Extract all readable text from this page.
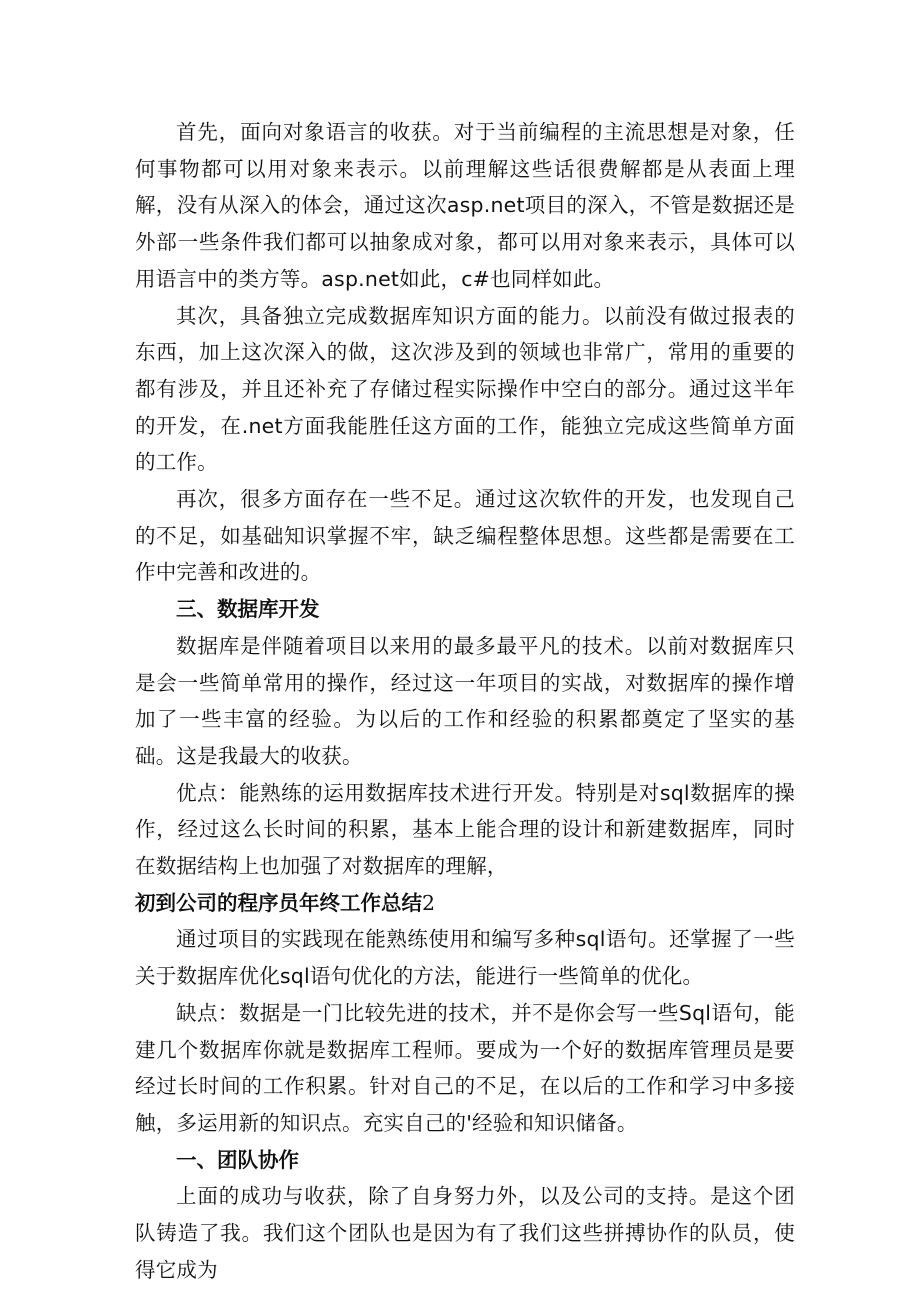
首先，面向对象语言的收获。对于当前编程的主流思想是对象，任何事物都可以用对象来表示。以前理解这些话很费解都是从表面上理解，没有从深入的体会，通过这次asp.net项目的深入，不管是数据还是外部一些条件我们都可以抽象成对象，都可以用对象来表示，具体可以用语言中的类方等。asp.net如此，c#也同样如此。

其次，具备独立完成数据库知识方面的能力。以前没有做过报表的东西，加上这次深入的做，这次涉及到的领域也非常广，常用的重要的都有涉及，并且还补充了存储过程实际操作中空白的部分。通过这半年的开发，在.net方面我能胜任这方面的工作，能独立完成这些简单方面的工作。

再次，很多方面存在一些不足。通过这次软件的开发，也发现自己的不足，如基础知识掌握不牢，缺乏编程整体思想。这些都是需要在工作中完善和改进的。

三、数据库开发

数据库是伴随着项目以来用的最多最平凡的技术。以前对数据库只是会一些简单常用的操作，经过这一年项目的实战，对数据库的操作增加了一些丰富的经验。为以后的工作和经验的积累都奠定了坚实的基础。这是我最大的收获。

优点：能熟练的运用数据库技术进行开发。特别是对sql数据库的操作，经过这么长时间的积累，基本上能合理的设计和新建数据库，同时在数据结构上也加强了对数据库的理解，

初到公司的程序员年终工作总结2

通过项目的实践现在能熟练使用和编写多种sql语句。还掌握了一些关于数据库优化sql语句优化的方法，能进行一些简单的优化。

缺点：数据是一门比较先进的技术，并不是你会写一些Sql语句，能建几个数据库你就是数据库工程师。要成为一个好的数据库管理员是要经过长时间的工作积累。针对自己的不足，在以后的工作和学习中多接触，多运用新的知识点。充实自己的'经验和知识储备。

一、团队协作

上面的成功与收获，除了自身努力外，以及公司的支持。是这个团队铸造了我。我们这个团队也是因为有了我们这些拼搏协作的队员，使得它成为
